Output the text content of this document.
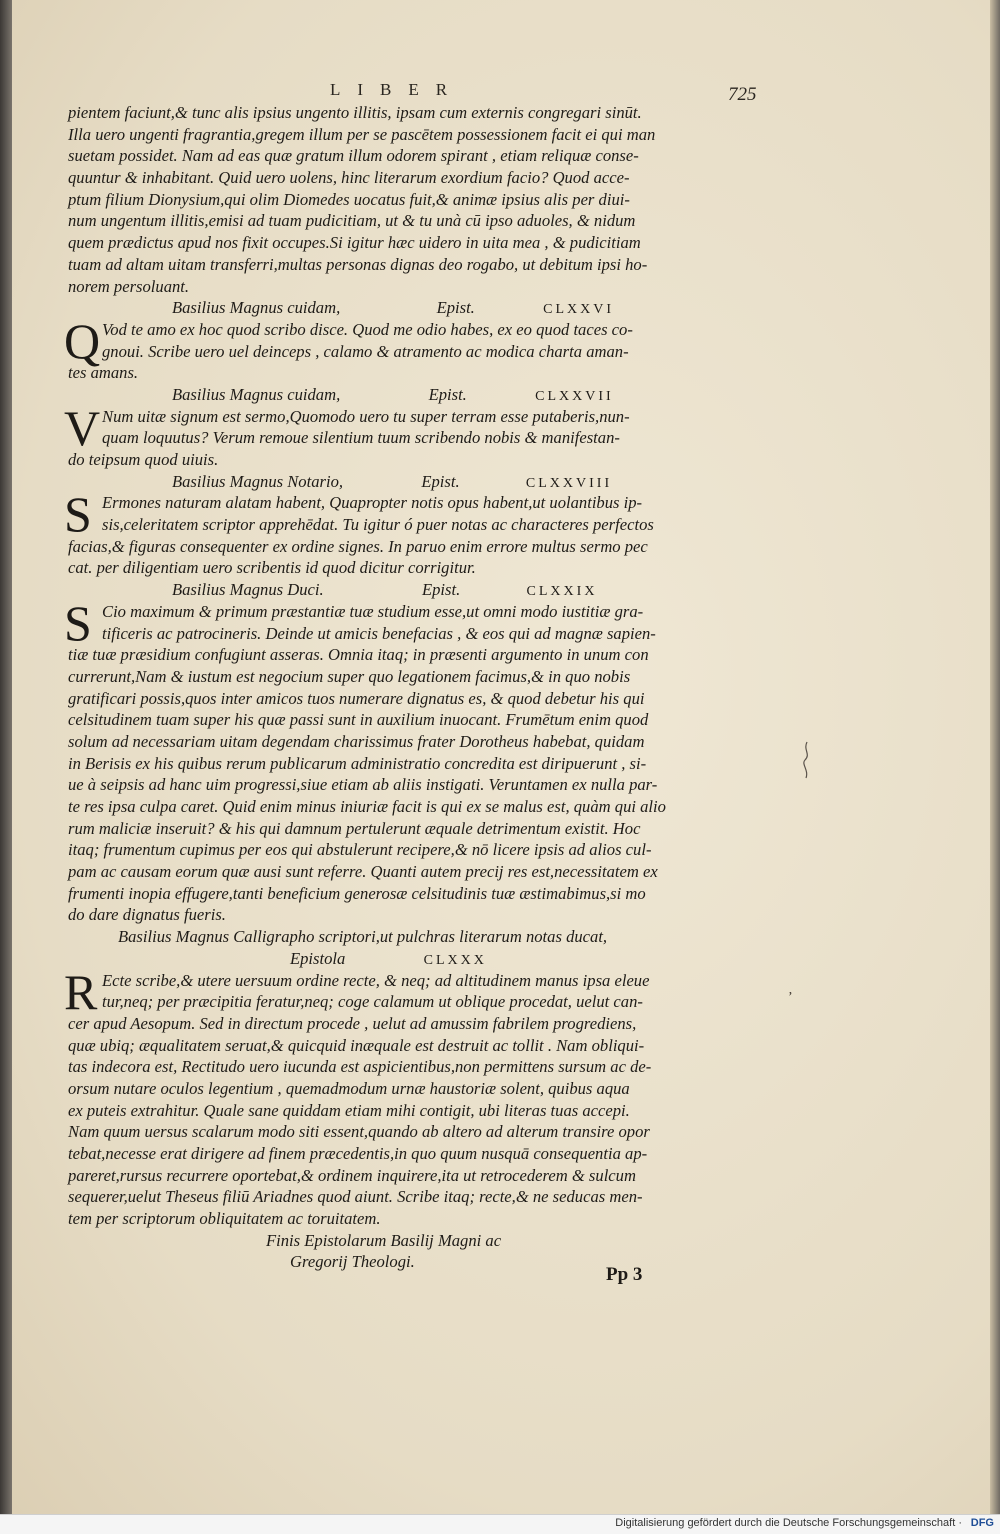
LIBER	725
pientem faciunt,& tunc alis ipsius ungento illitis, ipsam cum externis congregari sinūt.
Illa uero ungenti fragrantia,gregem illum per se pascētem possessionem facit ei qui man
suetam possidet. Nam ad eas quæ gratum illum odorem spirant , etiam reliquæ conse-
quuntur & inhabitant. Quid uero uolens, hinc literarum exordium facio? Quod acce-
ptum filium Dionysium,qui olim Diomedes uocatus fuit,& animæ ipsius alis per diui-
num ungentum illitis,emisi ad tuam pudicitiam, ut & tu unà cū ipso aduoles, & nidum
quem prædictus apud nos fixit occupes.Si igitur hæc uidero in uita mea , & pudicitiam
tuam ad altam uitam transferri,multas personas dignas deo rogabo, ut debitum ipsi ho-
norem persoluant.
Basilius Magnus cuidam,	Epist.	CLXXVI
Q Vod te amo ex hoc quod scribo disce. Quod me odio habes, ex eo quod taces co-
gnoui. Scribe uero uel deinceps , calamo & atramento ac modica charta aman-
tes amans.
Basilius Magnus cuidam,	Epist.	CLXXVII
V Num uitæ signum est sermo,Quomodo uero tu super terram esse putaberis,nun-
quam loquutus? Verum remoue silentium tuum scribendo nobis & manifestan-
do teipsum quod uiuis.
Basilius Magnus Notario,	Epist.	CLXXVIII
S Ermones naturam alatam habent, Quapropter notis opus habent,ut uolantibus ip-
sis,celeritatem scriptor apprehēdat. Tu igitur ó puer notas ac characteres perfectos
facias,& figuras consequenter ex ordine signes. In paruo enim errore multus sermo pec
cat. per diligentiam uero scribentis id quod dicitur corrigitur.
Basilius Magnus Duci.	Epist.	CLXXIX
S Cio maximum & primum præstantiæ tuæ studium esse,ut omni modo iustitiæ gra-
tificeris ac patrocineris. Deinde ut amicis benefacias , & eos qui ad magnæ sapien-
tiæ tuæ præsidium confugiunt asseras. Omnia itaq; in præsenti argumento in unum con
currerunt,Nam & iustum est negocium super quo legationem facimus,& in quo nobis
gratificari possis,quos inter amicos tuos numerare dignatus es, & quod debetur his qui
celsitudinem tuam super his quæ passi sunt in auxilium inuocant. Frumētum enim quod
solum ad necessariam uitam degendam charissimus frater Dorotheus habebat, quidam
in Berisis ex his quibus rerum publicarum administratio concredita est diripuerunt , si-
ue à seipsis ad hanc uim progressi,siue etiam ab aliis instigati. Veruntamen ex nulla par-
te res ipsa culpa caret. Quid enim minus iniuriæ facit is qui ex se malus est, quàm qui alio
rum maliciæ inseruit? & his qui damnum pertulerunt æquale detrimentum existit. Hoc
itaq; frumentum cupimus per eos qui abstulerunt recipere,& nō licere ipsis ad alios cul-
pam ac causam eorum quæ ausi sunt referre. Quanti autem precij res est,necessitatem ex
frumenti inopia effugere,tanti beneficium generosæ celsitudinis tuæ æstimabimus,si mo
do dare dignatus fueris.
Basilius Magnus Calligrapho scriptori,ut pulchras literarum notas ducat,
Epistola	CLXXX
R Ecte scribe,& utere uersuum ordine recte, & neq; ad altitudinem manus ipsa eleue
tur,neq; per præcipitia feratur,neq; coge calamum ut oblique procedat, uelut can-
cer apud Aesopum. Sed in directum procede , uelut ad amussim fabrilem progrediens,
quæ ubiq; æqualitatem seruat,& quicquid inæquale est destruit ac tollit . Nam obliqui-
tas indecora est, Rectitudo uero iucunda est aspicientibus,non permittens sursum ac de-
orsum nutare oculos legentium , quemadmodum urnæ haustoriæ solent, quibus aqua
ex puteis extrahitur. Quale sane quiddam etiam mihi contigit, ubi literas tuas accepi.
Nam quum uersus scalarum modo siti essent,quando ab altero ad alterum transire opor
tebat,necesse erat dirigere ad finem præcedentis,in quo quum nusquā consequentia ap-
pareret,rursus recurrere oportebat,& ordinem inquirere,ita ut retrocederem & sulcum
sequerer,uelut Theseus filiū Ariadnes quod aiunt. Scribe itaq; recte,& ne seducas men-
tem per scriptorum obliquitatem ac toruitatem.
Finis Epistolarum Basilij Magni ac
Gregorij Theologi.
Pp 3
ʼ
Digitalisierung gefördert durch die Deutsche Forschungsgemeinschaft · DFG
